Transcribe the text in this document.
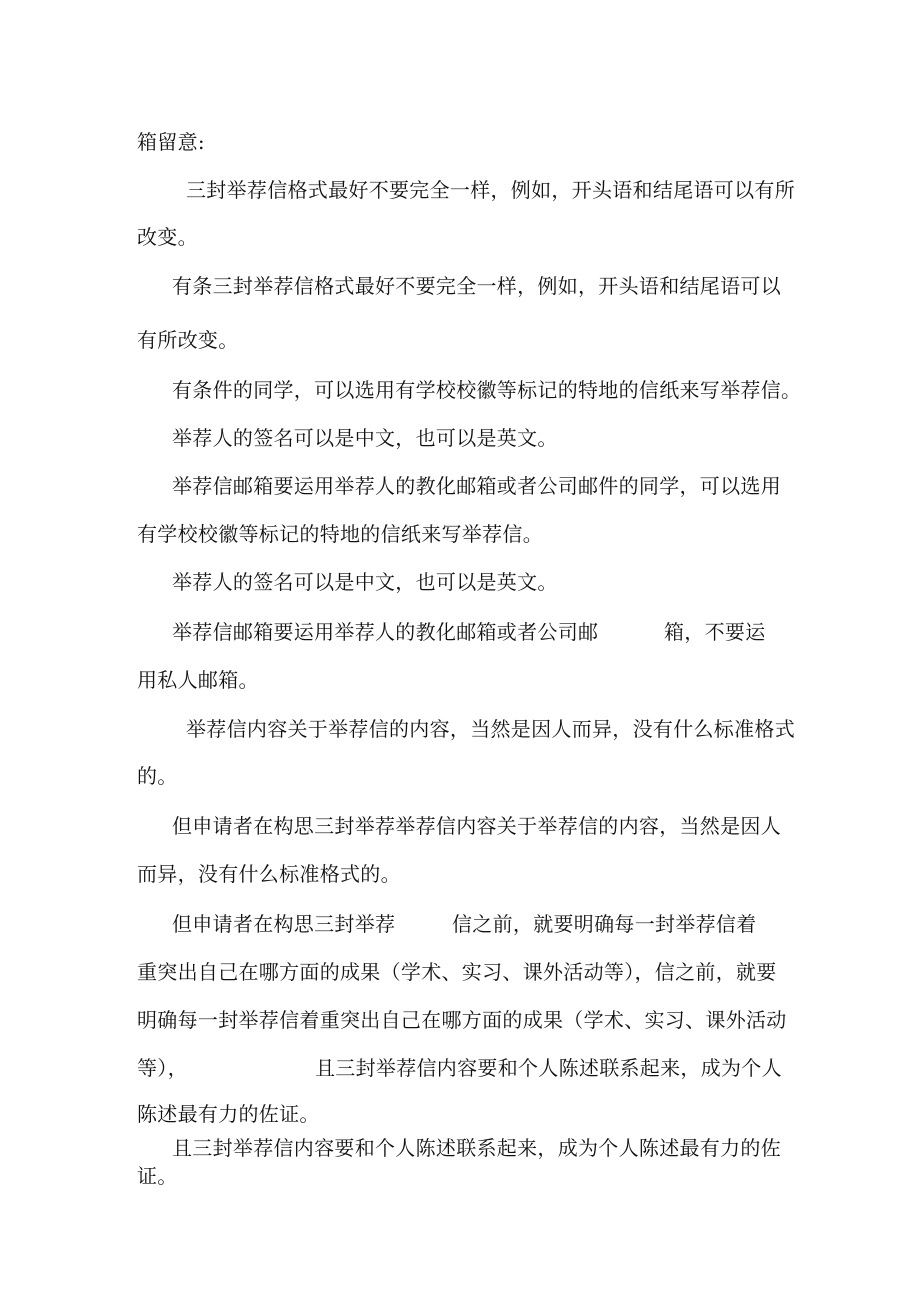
箱留意:
三封举荐信格式最好不要完全一样，例如，开头语和结尾语可以有所
改变。
有条三封举荐信格式最好不要完全一样，例如，开头语和结尾语可以
有所改变。
有条件的同学，可以选用有学校校徽等标记的特地的信纸来写举荐信。
举荐人的签名可以是中文，也可以是英文。
举荐信邮箱要运用举荐人的教化邮箱或者公司邮件的同学，可以选用
有学校校徽等标记的特地的信纸来写举荐信。
举荐人的签名可以是中文，也可以是英文。
举荐信邮箱要运用举荐人的教化邮箱或者公司邮	箱，不要运
用私人邮箱。
举荐信内容关于举荐信的内容，当然是因人而异，没有什么标准格式
的。
但申请者在构思三封举荐举荐信内容关于举荐信的内容，当然是因人
而异，没有什么标准格式的。
但申请者在构思三封举荐	信之前，就要明确每一封举荐信着
重突出自己在哪方面的成果（学术、实习、课外活动等），信之前，就要
明确每一封举荐信着重突出自己在哪方面的成果（学术、实习、课外活动
等），	且三封举荐信内容要和个人陈述联系起来，成为个人
陈述最有力的佐证。
且三封举荐信内容要和个人陈述联系起来，成为个人陈述最有力的佐
证。
